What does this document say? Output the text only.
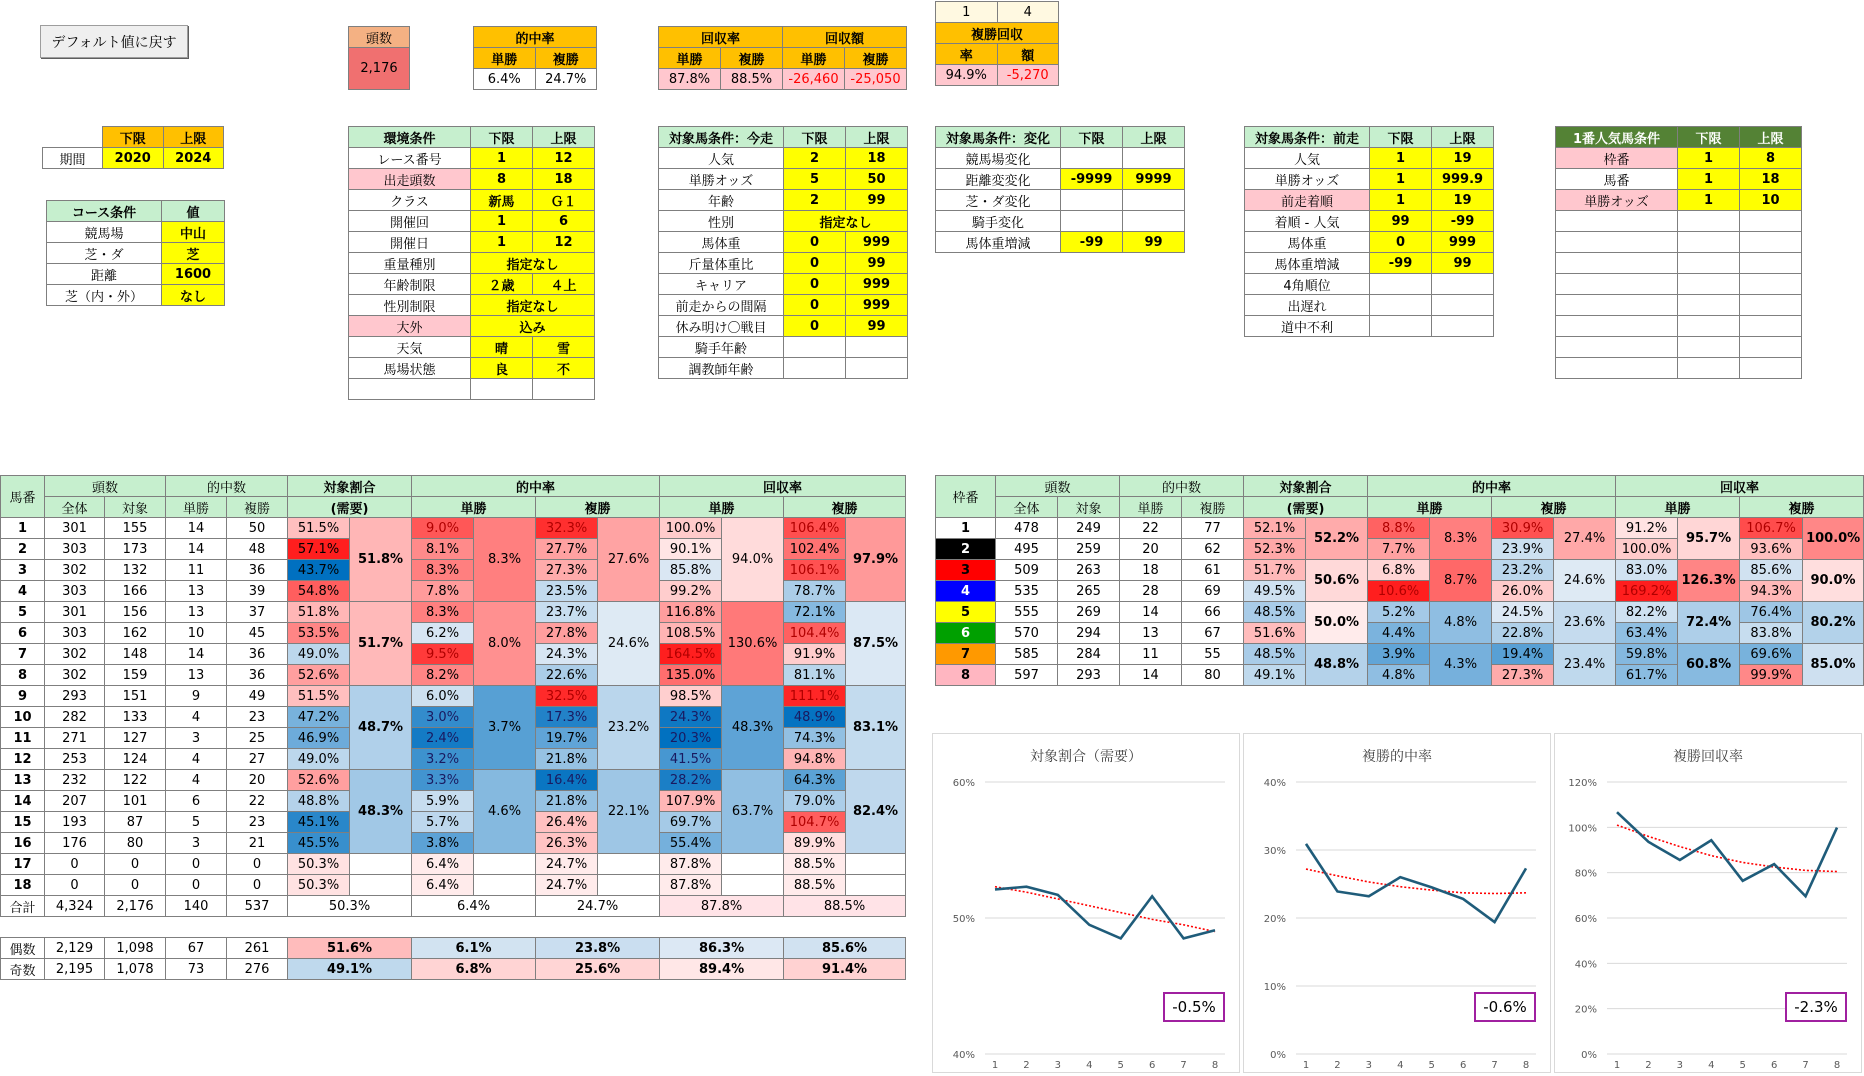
デフォルト値に戻す	頭数
2,176
的中率	
単勝	複勝
6.4%	24.7%
回収率		回収額	
単勝	複勝	単勝	複勝
87.8%	88.5%	-26,460	-25,050
1	4
複勝回収	
率	額
94.9%	-5,270
	下限	上限
期間	2020	2024
コース条件	値
競馬場	中山
芝・ダ	芝
距離	1600
芝（内・外）	なし
環境条件	下限	上限
レース番号	1	12
出走頭数	8	18
クラス	新馬	Ｇ１
開催回	1	6
開催日	1	12
重量種別	指定なし	
年齢制限	２歳	４上
性別制限	指定なし	
大外	込み	
天気	晴	雪
馬場状態	良	不

対象馬条件：今走	下限	上限
人気	2	18
単勝オッズ	5	50
年齢	2	99
性別	指定なし	
馬体重	0	999
斤量体重比	0	99
キャリア	0	999
前走からの間隔	0	999
休み明け〇戦目	0	99
騎手年齢		
調教師年齢		
対象馬条件：変化	下限	上限
競馬場変化		
距離変変化	-9999	9999
芝・ダ変化		
騎手変化		
馬体重増減	-99	99
対象馬条件：前走	下限	上限
人気	1	19
単勝オッズ	1	999.9
前走着順	1	19
着順 - 人気	99	-99
馬体重	0	999
馬体重増減	-99	99
4角順位		
出遅れ		
道中不利		
1番人気馬条件	下限	上限
枠番	1	8
馬番	1	18
単勝オッズ	1	10

馬番	頭数		的中数		対象割合		的中率				回収率			
	全体	対象	単勝	複勝	(需要)		単勝		複勝		単勝		複勝	
1	301	155	14	50	51.5%	51.8%	9.0%	8.3%	32.3%	27.6%	100.0%	94.0%	106.4%	97.9%
2	303	173	14	48	57.1%		8.1%		27.7%		90.1%		102.4%	
3	302	132	11	36	43.7%		8.3%		27.3%		85.8%		106.1%	
4	303	166	13	39	54.8%		7.8%		23.5%		99.2%		78.7%	
5	301	156	13	37	51.8%	51.7%	8.3%	8.0%	23.7%	24.6%	116.8%	130.6%	72.1%	87.5%
6	303	162	10	45	53.5%		6.2%		27.8%		108.5%		104.4%	
7	302	148	14	36	49.0%		9.5%		24.3%		164.5%		91.9%	
8	302	159	13	36	52.6%		8.2%		22.6%		135.0%		81.1%	
9	293	151	9	49	51.5%	48.7%	6.0%	3.7%	32.5%	23.2%	98.5%	48.3%	111.1%	83.1%
10	282	133	4	23	47.2%		3.0%		17.3%		24.3%		48.9%	
11	271	127	3	25	46.9%		2.4%		19.7%		20.3%		74.3%	
12	253	124	4	27	49.0%		3.2%		21.8%		41.5%		94.8%	
13	232	122	4	20	52.6%	48.3%	3.3%	4.6%	16.4%	22.1%	28.2%	63.7%	64.3%	82.4%
14	207	101	6	22	48.8%		5.9%		21.8%		107.9%		79.0%	
15	193	87	5	23	45.1%		5.7%		26.4%		69.7%		104.7%	
16	176	80	3	21	45.5%		3.8%		26.3%		55.4%		89.9%	
17	0	0	0	0	50.3%		6.4%		24.7%		87.8%		88.5%	
18	0	0	0	0	50.3%		6.4%		24.7%		87.8%		88.5%	
合計	4,324	2,176	140	537	50.3%		6.4%		24.7%		87.8%		88.5%	

偶数	2,129	1,098	67	261	51.6%		6.1%		23.8%		86.3%		85.6%	
奇数	2,195	1,078	73	276	49.1%		6.8%		25.6%		89.4%		91.4%	
枠番	頭数		的中数		対象割合		的中率				回収率			
	全体	対象	単勝	複勝	(需要)		単勝		複勝		単勝		複勝	
1	478	249	22	77	52.1%	52.2%	8.8%	8.3%	30.9%	27.4%	91.2%	95.7%	106.7%	100.0%
2	495	259	20	62	52.3%		7.7%		23.9%		100.0%		93.6%	
3	509	263	18	61	51.7%	50.6%	6.8%	8.7%	23.2%	24.6%	83.0%	126.3%	85.6%	90.0%
4	535	265	28	69	49.5%		10.6%		26.0%		169.2%		94.3%	
5	555	269	14	66	48.5%	50.0%	5.2%	4.8%	24.5%	23.6%	82.2%	72.4%	76.4%	80.2%
6	570	294	13	67	51.6%		4.4%		22.8%		63.4%		83.8%	
7	585	284	11	55	48.5%	48.8%	3.9%	4.3%	19.4%	23.4%	59.8%	60.8%	69.6%	85.0%
8	597	293	14	80	49.1%		4.8%		27.3%		61.7%		99.9%	
対象割合（需要）
60%
50%
40%
1	2	3	4	5	6	7	8
-0.5%
複勝的中率
40%
30%
20%
10%
0%
1	2	3	4	5	6	7	8
-0.6%
複勝回収率
120%
100%
80%
60%
40%
20%
0%
1	2	3	4	5	6	7	8
-2.3%
